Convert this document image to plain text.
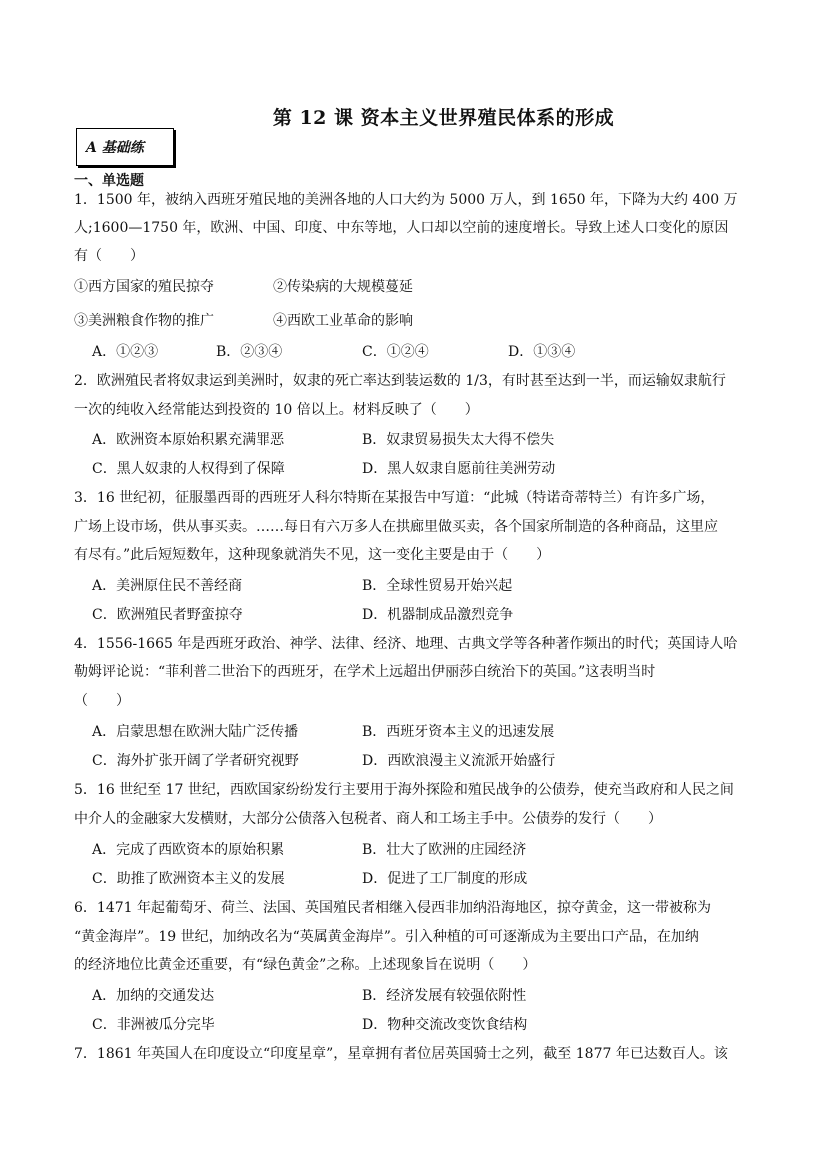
第 12 课 资本主义世界殖民体系的形成
A 基础练
一、单选题
1．1500 年，被纳入西班牙殖民地的美洲各地的人口大约为 5000 万人，到 1650 年，下降为大约 400 万
人;1600—1750 年，欧洲、中国、印度、中东等地，人口却以空前的速度增长。导致上述人口变化的原因
有（　　）
①西方国家的殖民掠夺	②传染病的大规模蔓延
③美洲粮食作物的推广	④西欧工业革命的影响
A．①②③	B．②③④	C．①②④	D．①③④
2．欧洲殖民者将奴隶运到美洲时，奴隶的死亡率达到装运数的 1/3，有时甚至达到一半，而运输奴隶航行
一次的纯收入经常能达到投资的 10 倍以上。材料反映了（　　）
A．欧洲资本原始积累充满罪恶	B．奴隶贸易损失太大得不偿失
C．黑人奴隶的人权得到了保障	D．黑人奴隶自愿前往美洲劳动
3．16 世纪初，征服墨西哥的西班牙人科尔特斯在某报告中写道：“此城（特诺奇蒂特兰）有许多广场，
广场上设市场，供从事买卖。……每日有六万多人在拱廊里做买卖，各个国家所制造的各种商品，这里应
有尽有。”此后短短数年，这种现象就消失不见，这一变化主要是由于（　　）
A．美洲原住民不善经商	B．全球性贸易开始兴起
C．欧洲殖民者野蛮掠夺	D．机器制成品激烈竞争
4．1556-1665 年是西班牙政治、神学、法律、经济、地理、古典文学等各种著作频出的时代；英国诗人哈
勒姆评论说：“菲利普二世治下的西班牙，在学术上远超出伊丽莎白统治下的英国。”这表明当时
（　　）
A．启蒙思想在欧洲大陆广泛传播	B．西班牙资本主义的迅速发展
C．海外扩张开阔了学者研究视野	D．西欧浪漫主义流派开始盛行
5．16 世纪至 17 世纪，西欧国家纷纷发行主要用于海外探险和殖民战争的公债券，使充当政府和人民之间
中介人的金融家大发横财，大部分公债落入包税者、商人和工场主手中。公债券的发行（　　）
A．完成了西欧资本的原始积累	B．壮大了欧洲的庄园经济
C．助推了欧洲资本主义的发展	D．促进了工厂制度的形成
6．1471 年起葡萄牙、荷兰、法国、英国殖民者相继入侵西非加纳沿海地区，掠夺黄金，这一带被称为
“黄金海岸”。19 世纪，加纳改名为“英属黄金海岸”。引入种植的可可逐渐成为主要出口产品，在加纳
的经济地位比黄金还重要，有“绿色黄金”之称。上述现象旨在说明（　　）
A．加纳的交通发达	B．经济发展有较强依附性
C．非洲被瓜分完毕	D．物种交流改变饮食结构
7．1861 年英国人在印度设立“印度星章”，星章拥有者位居英国骑士之列，截至 1877 年已达数百人。该
